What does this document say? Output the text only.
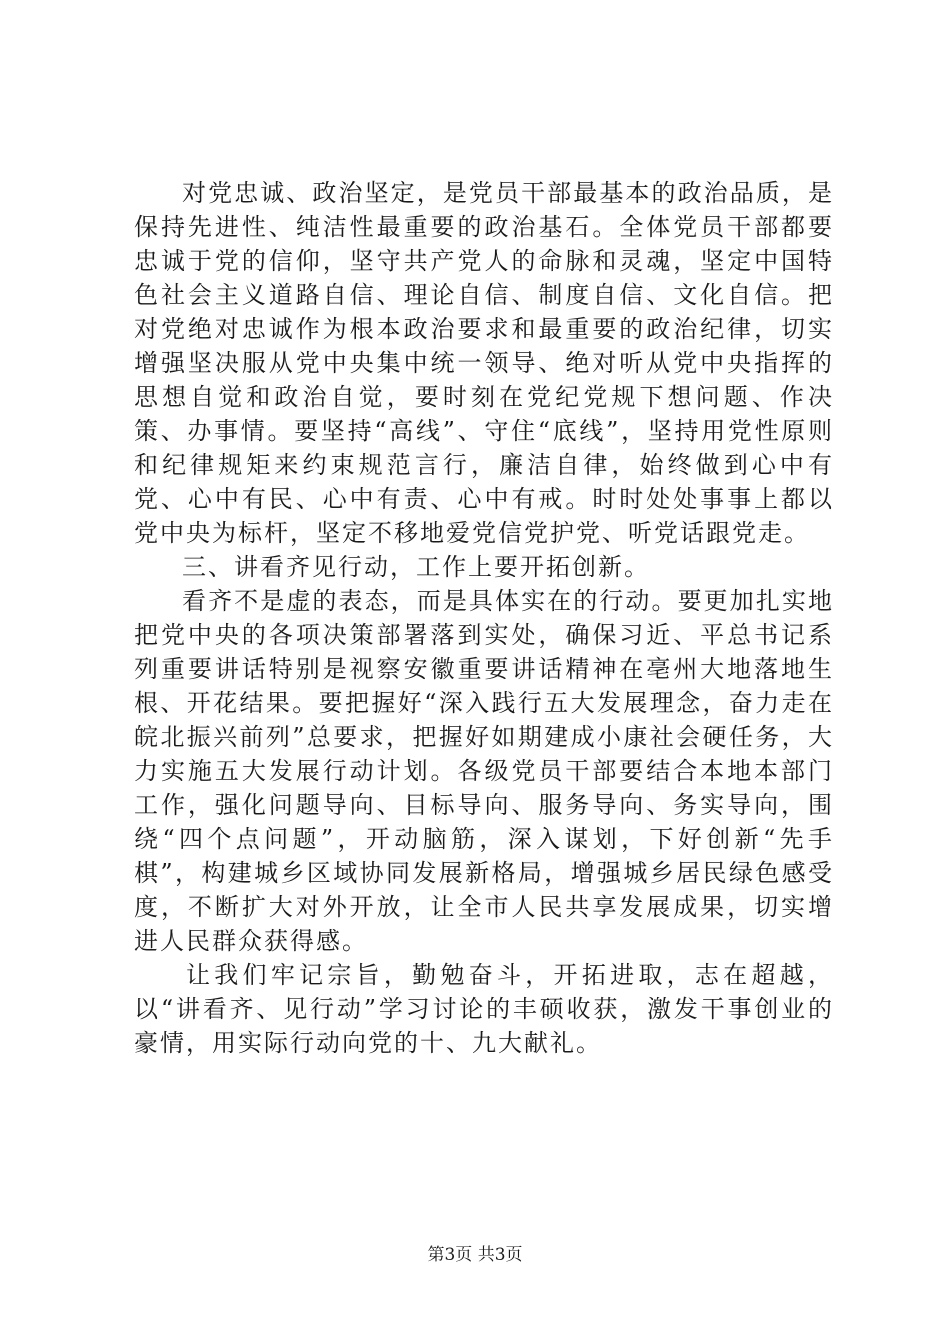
对党忠诚、政治坚定，是党员干部最基本的政治品质，是保持先进性、纯洁性最重要的政治基石。全体党员干部都要忠诚于党的信仰，坚守共产党人的命脉和灵魂，坚定中国特色社会主义道路自信、理论自信、制度自信、文化自信。把对党绝对忠诚作为根本政治要求和最重要的政治纪律，切实增强坚决服从党中央集中统一领导、绝对听从党中央指挥的思想自觉和政治自觉，要时刻在党纪党规下想问题、作决策、办事情。要坚持“高线”、守住“底线”，坚持用党性原则和纪律规矩来约束规范言行，廉洁自律，始终做到心中有党、心中有民、心中有责、心中有戒。时时处处事事上都以党中央为标杆，坚定不移地爱党信党护党、听党话跟党走。

三、讲看齐见行动，工作上要开拓创新。

看齐不是虚的表态，而是具体实在的行动。要更加扎实地把党中央的各项决策部署落到实处，确保习近、平总书记系列重要讲话特别是视察安徽重要讲话精神在亳州大地落地生根、开花结果。要把握好“深入践行五大发展理念，奋力走在皖北振兴前列”总要求，把握好如期建成小康社会硬任务，大力实施五大发展行动计划。各级党员干部要结合本地本部门工作，强化问题导向、目标导向、服务导向、务实导向，围绕“四个点问题”，开动脑筋，深入谋划，下好创新“先手棋”，构建城乡区域协同发展新格局，增强城乡居民绿色感受度，不断扩大对外开放，让全市人民共享发展成果，切实增进人民群众获得感。

让我们牢记宗旨，勤勉奋斗，开拓进取，志在超越，以“讲看齐、见行动”学习讨论的丰硕收获，激发干事创业的豪情，用实际行动向党的十、九大献礼。

第3页 共3页
